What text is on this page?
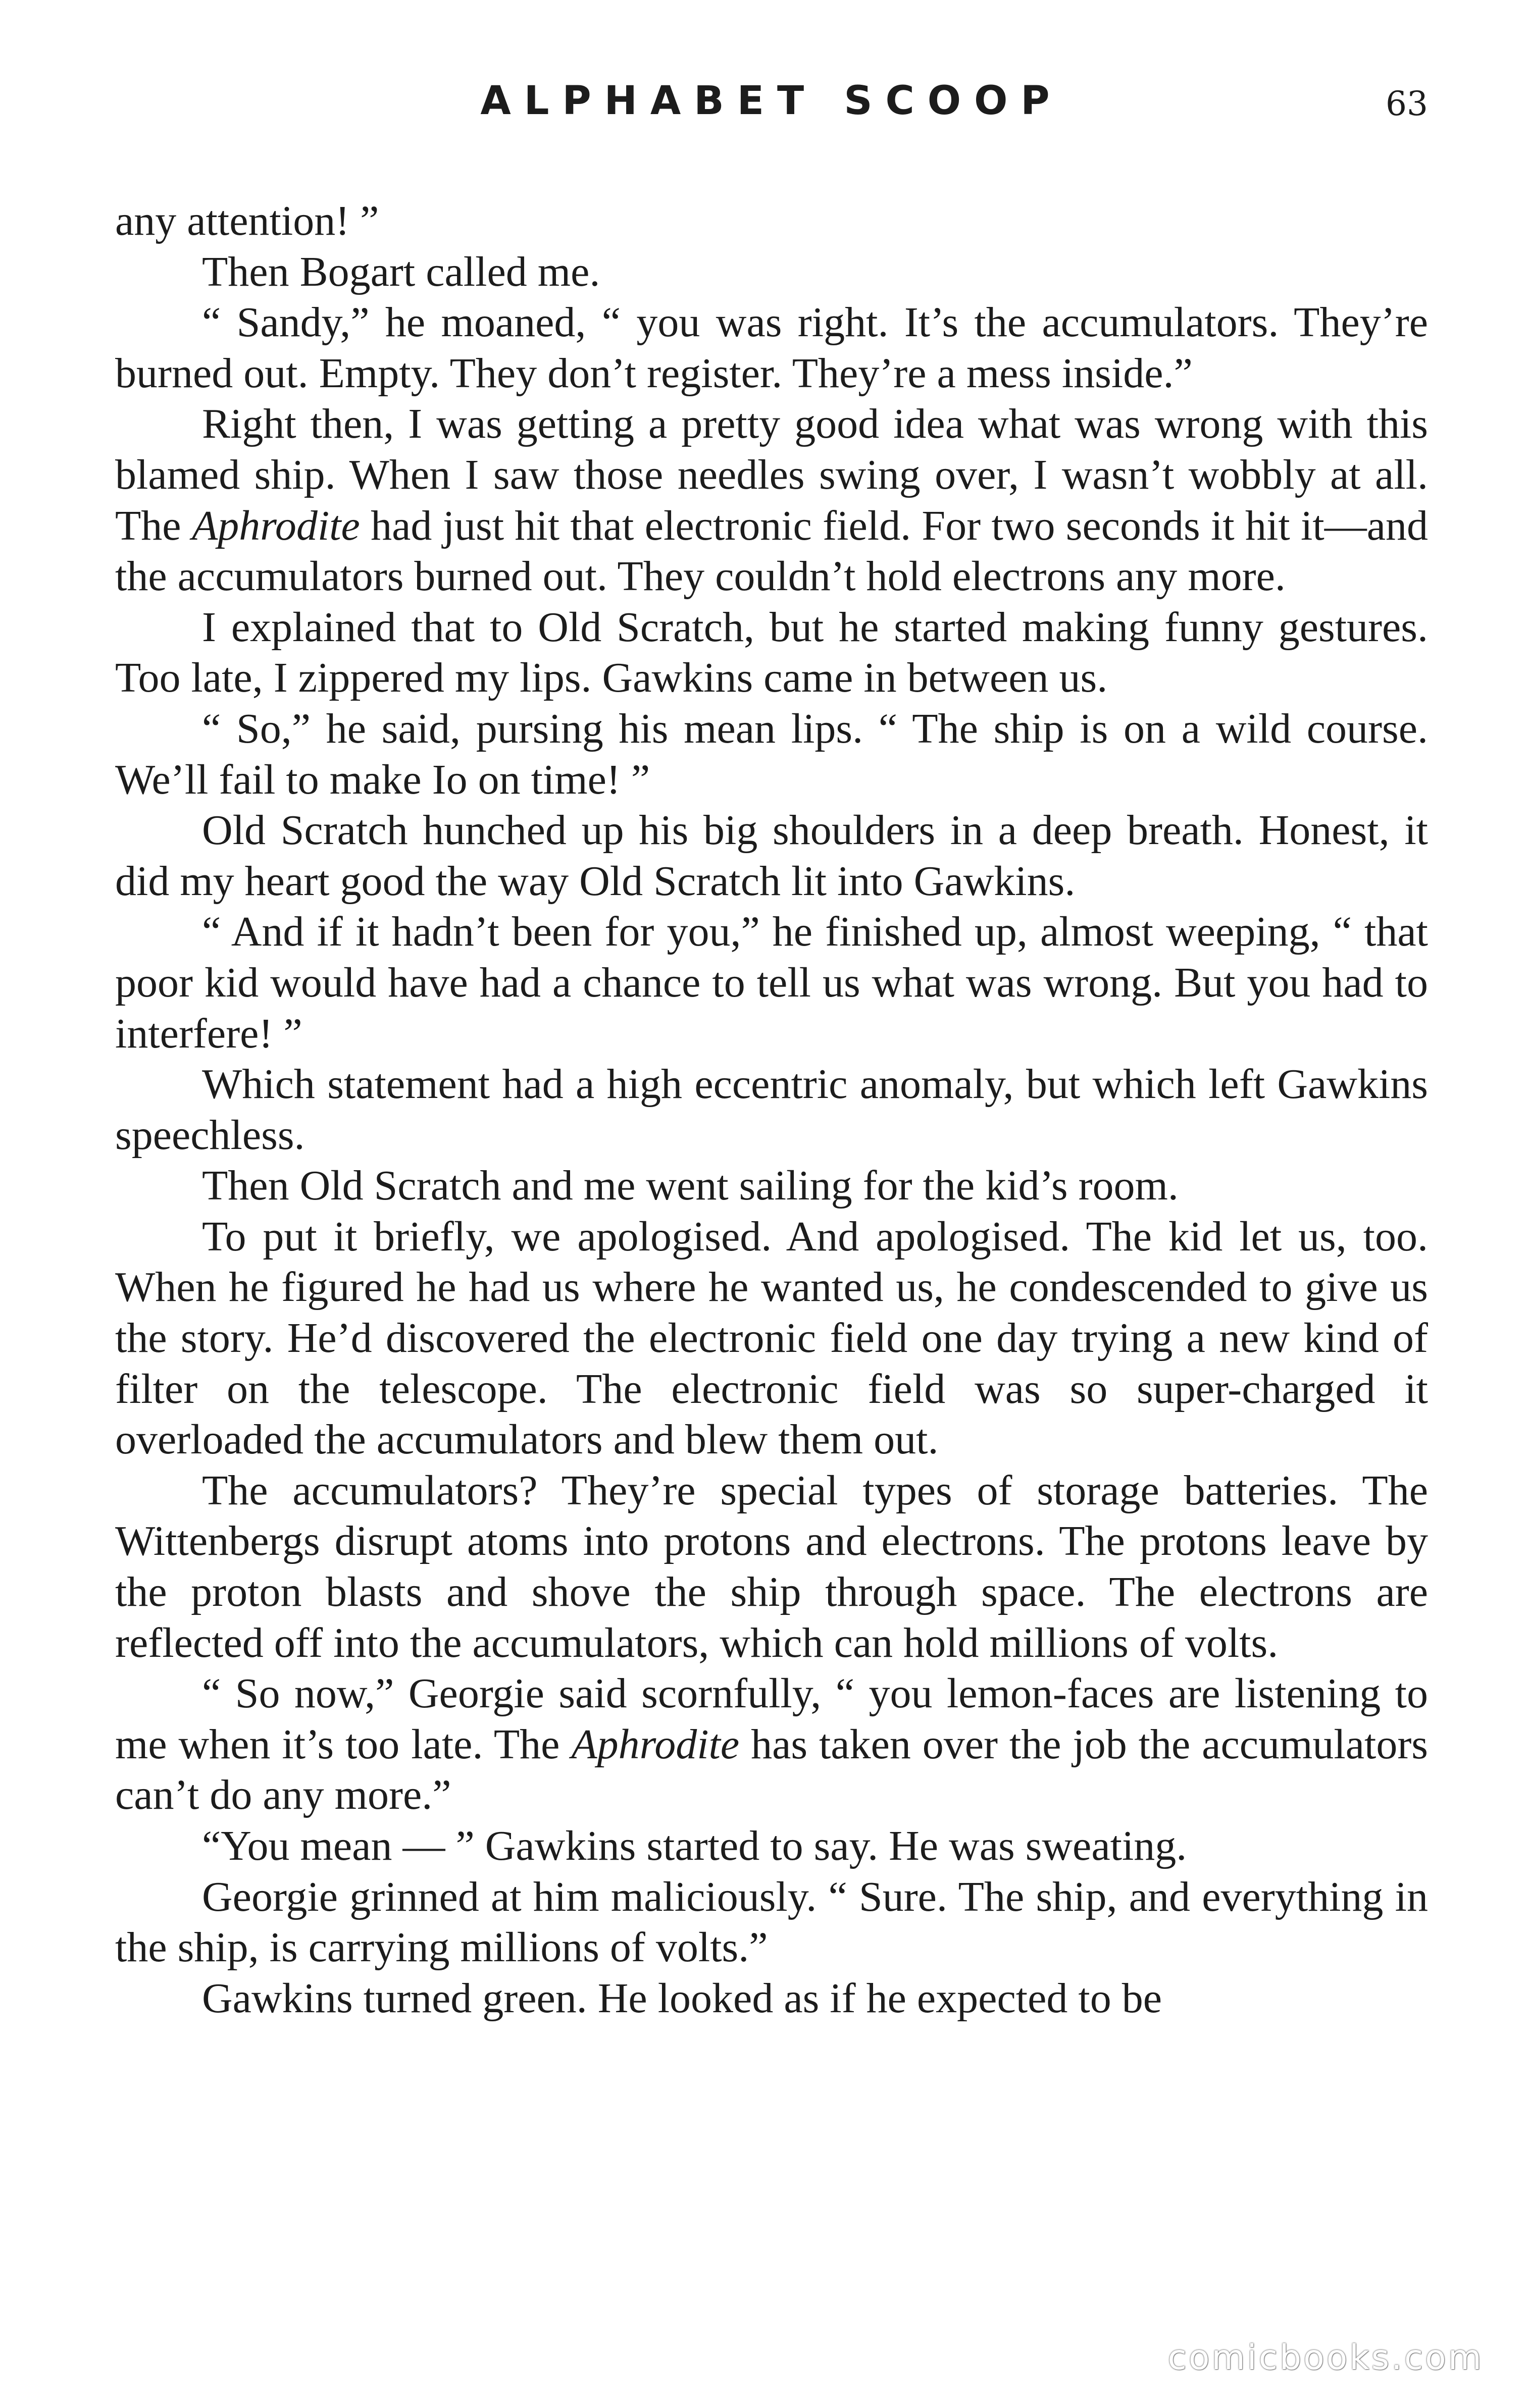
ALPHABET SCOOP	63

any attention! ”

Then Bogart called me.

“ Sandy,” he moaned, “ you was right. It’s the accumulators. They’re burned out. Empty. They don’t register. They’re a mess inside.”

Right then, I was getting a pretty good idea what was wrong with this blamed ship. When I saw those needles swing over, I wasn’t wobbly at all. The Aphrodite had just hit that electronic field. For two seconds it hit it—and the accumulators burned out. They couldn’t hold electrons any more.

I explained that to Old Scratch, but he started making funny gestures. Too late, I zippered my lips. Gawkins came in between us.

“ So,” he said, pursing his mean lips. “ The ship is on a wild course. We’ll fail to make Io on time! ”

Old Scratch hunched up his big shoulders in a deep breath. Honest, it did my heart good the way Old Scratch lit into Gawkins.

“ And if it hadn’t been for you,” he finished up, almost weeping, “ that poor kid would have had a chance to tell us what was wrong. But you had to interfere! ”

Which statement had a high eccentric anomaly, but which left Gawkins speechless.

Then Old Scratch and me went sailing for the kid’s room.

To put it briefly, we apologised. And apologised. The kid let us, too. When he figured he had us where he wanted us, he condescended to give us the story. He’d discovered the electronic field one day trying a new kind of filter on the telescope. The electronic field was so super-charged it overloaded the accumulators and blew them out.

The accumulators? They’re special types of storage batteries. The Wittenbergs disrupt atoms into protons and electrons. The protons leave by the proton blasts and shove the ship through space. The electrons are reflected off into the accumulators, which can hold millions of volts.

“ So now,” Georgie said scornfully, “ you lemon-faces are listening to me when it’s too late. The Aphrodite has taken over the job the accumulators can’t do any more.”

“You mean — ” Gawkins started to say. He was sweating.

Georgie grinned at him maliciously. “ Sure. The ship, and everything in the ship, is carrying millions of volts.”

Gawkins turned green. He looked as if he expected to be

comicbooks.com
